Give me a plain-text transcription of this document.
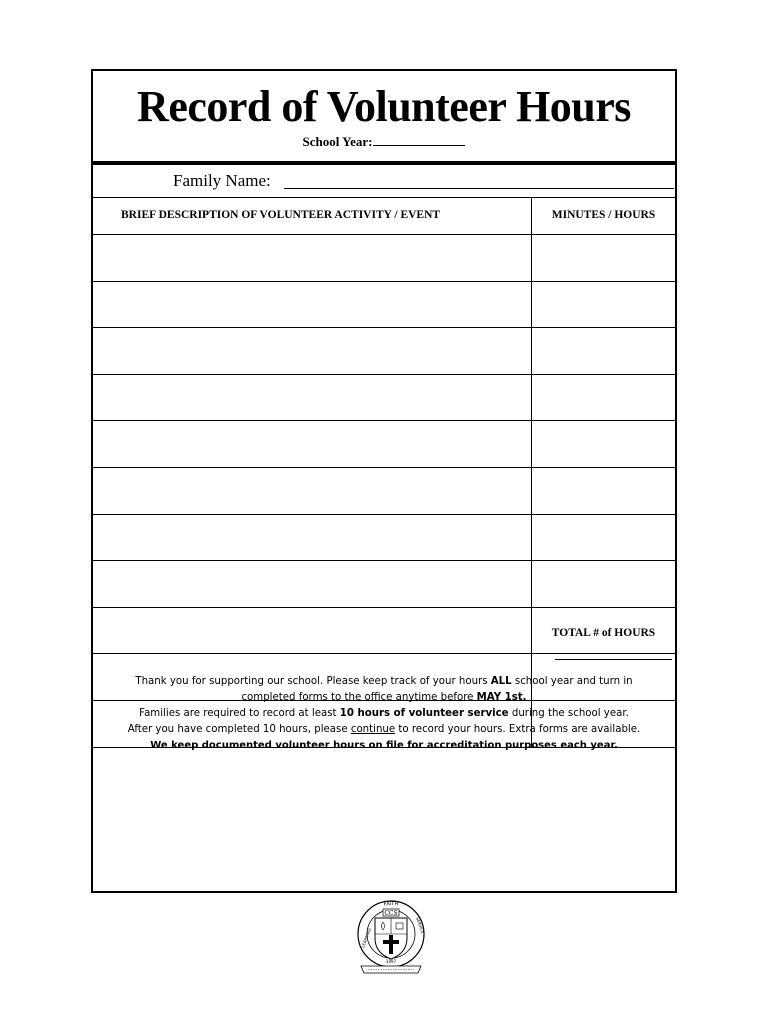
Record of Volunteer Hours
School Year:
Family Name:
BRIEF DESCRIPTION OF VOLUNTEER ACTIVITY / EVENT	MINUTES / HOURS
TOTAL # of HOURS

Thank you for supporting our school. Please keep track of your hours ALL school year and turn in

completed forms to the office anytime before MAY 1st.

Families are required to record at least 10 hours of volunteer service during the school year.

After you have completed 10 hours, please continue to record your hours. Extra forms are available.

We keep documented volunteer hours on file for accreditation purposes each year.

FAITH
LEARNING
SERVICE
CCS
1997
